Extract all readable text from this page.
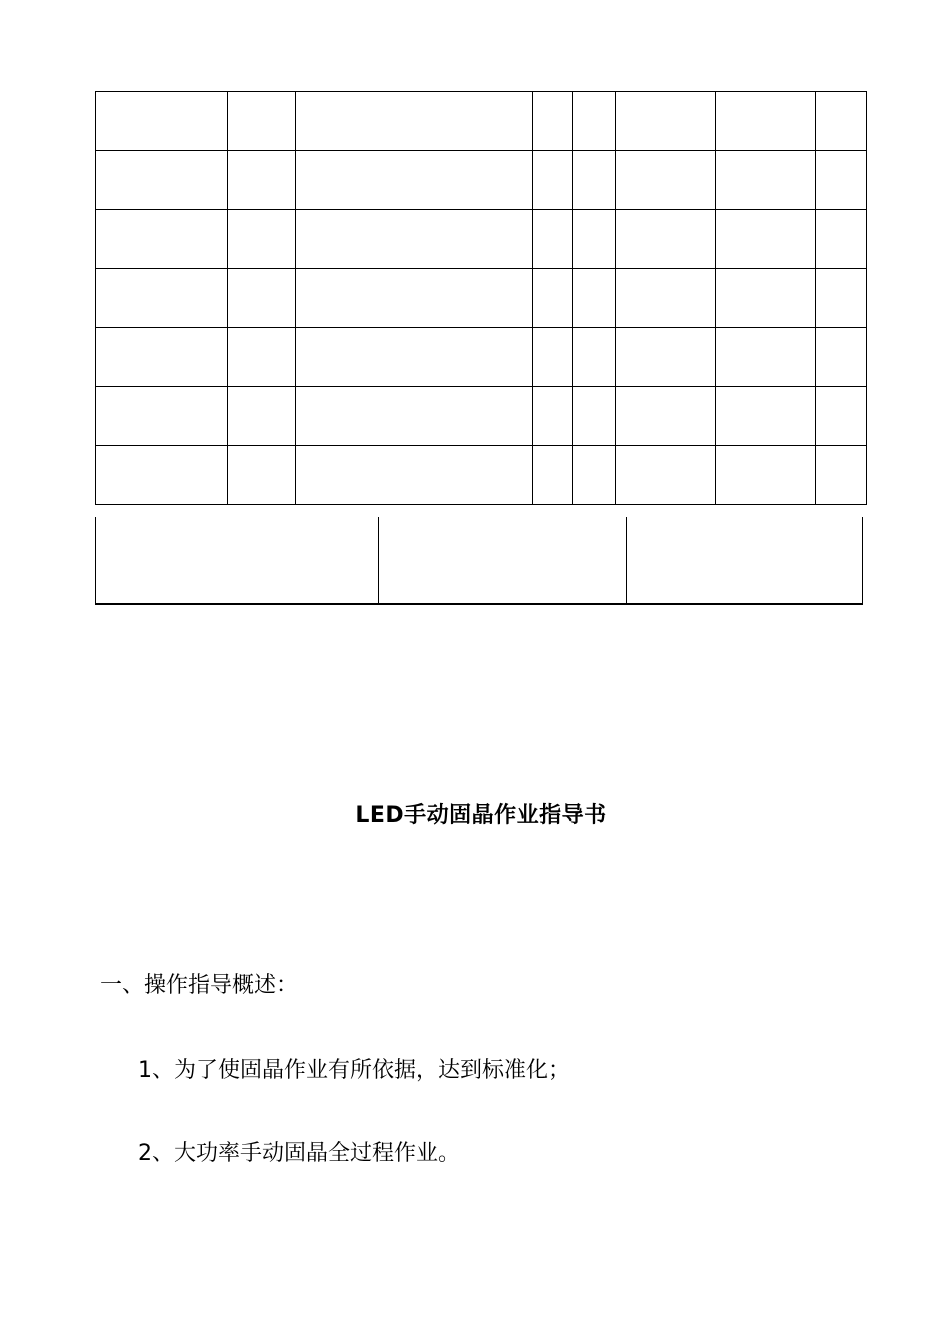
LED手动固晶作业指导书
一、操作指导概述：
1、为了使固晶作业有所依据，达到标准化；
2、大功率手动固晶全过程作业。
